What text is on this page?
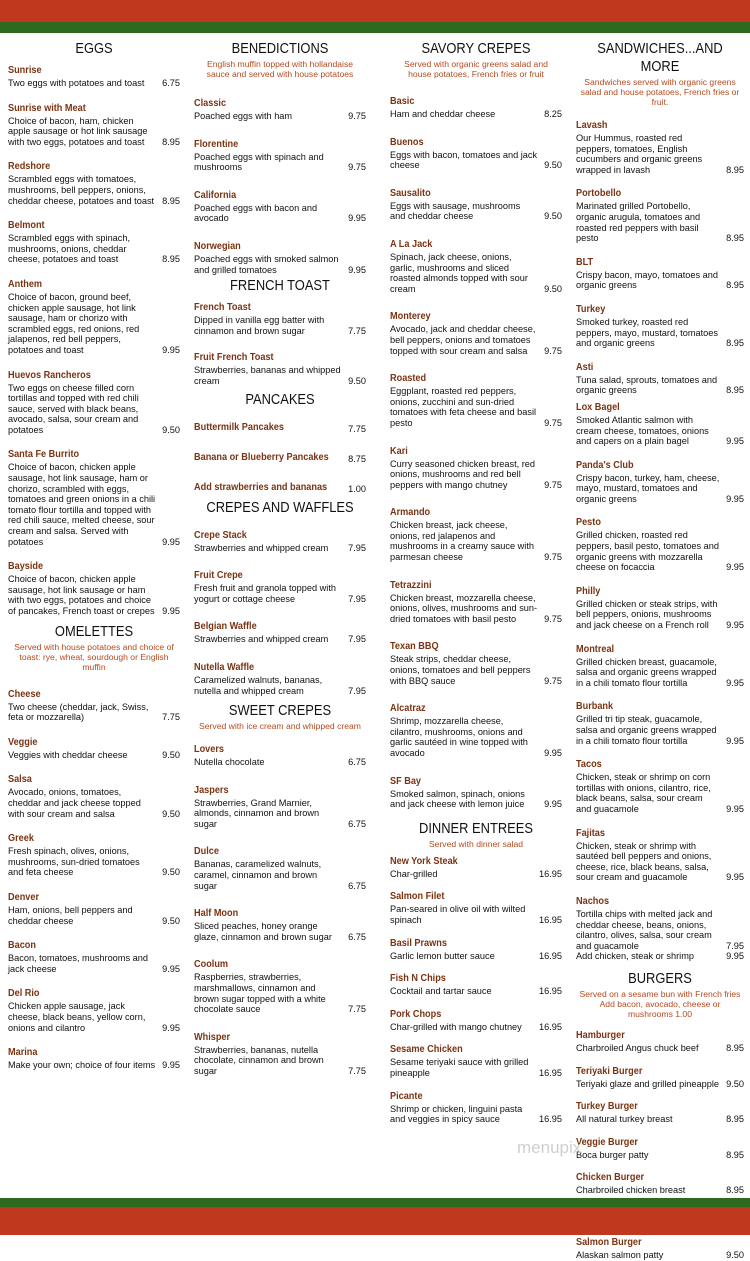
EGGS
Sunrise
Two eggs with potatoes and toast	6.75
Sunrise with Meat
Choice of bacon, ham, chicken apple sausage or hot link sausage with two eggs, potatoes and toast	8.95
Redshore
Scrambled eggs with tomatoes, mushrooms, bell peppers, onions, cheddar cheese, potatoes and toast 8.95
Belmont
Scrambled eggs with spinach, mushrooms, onions, cheddar cheese, potatoes and toast	8.95
Anthem
Choice of bacon, ground beef, chicken apple sausage, hot link sausage, ham or chorizo with scrambled eggs, red onions, red jalapenos, red bell peppers, potatoes and toast	9.95
Huevos Rancheros
Two eggs on cheese filled corn tortillas and topped with red chili sauce, served with black beans, avocado, salsa, sour cream and potatoes	9.50
Santa Fe Burrito
Choice of bacon, chicken apple sausage, hot link sausage, ham or chorizo, scrambled with eggs, tomatoes and green onions in a chili tomato flour tortilla and topped with red chili sauce, melted cheese, sour cream and salsa. Served with potatoes	9.95
Bayside
Choice of bacon, chicken apple sausage, hot link sausage or ham with two eggs, potatoes and choice of pancakes, French toast or crepes 9.95
OMELETTES
Served with house potatoes and choice of toast: rye, wheat, sourdough or English muffin
Cheese
Two cheese (cheddar, jack, Swiss, feta or mozzarella)	7.75
Veggie
Veggies with cheddar cheese	9.50
Salsa
Avocado, onions, tomatoes, cheddar and jack cheese topped with sour cream and salsa	9.50
Greek
Fresh spinach, olives, onions, mushrooms, sun-dried tomatoes and feta cheese	9.50
Denver
Ham, onions, bell peppers and cheddar cheese	9.50
Bacon
Bacon, tomatoes, mushrooms and jack cheese	9.95
Del Rio
Chicken apple sausage, jack cheese, black beans, yellow corn, onions and cilantro	9.95
Marina
Make your own; choice of four items 9.95
BENEDICTIONS
English muffin topped with hollandaise sauce and served with house potatoes
Classic
Poached eggs with ham	9.75
Florentine
Poached eggs with spinach and mushrooms	9.75
California
Poached eggs with bacon and avocado	9.95
Norwegian
Poached eggs with smoked salmon and grilled tomatoes	9.95
FRENCH TOAST
French Toast
Dipped in vanilla egg batter with cinnamon and brown sugar	7.75
Fruit French Toast
Strawberries, bananas and whipped cream	9.50
PANCAKES
Buttermilk Pancakes	7.75
Banana or Blueberry Pancakes 8.75
Add strawberries and bananas 1.00
CREPES AND WAFFLES
Crepe Stack
Strawberries and whipped cream	7.95
Fruit Crepe
Fresh fruit and granola topped with yogurt or cottage cheese	7.95
Belgian Waffle
Strawberries and whipped cream	7.95
Nutella Waffle
Caramelized walnuts, bananas, nutella and whipped cream	7.95
SWEET CREPES
Served with ice cream and whipped cream
Lovers
Nutella chocolate	6.75
Jaspers
Strawberries, Grand Marnier, almonds, cinnamon and brown sugar	6.75
Dulce
Bananas, caramelized walnuts, caramel, cinnamon and brown sugar	6.75
Half Moon
Sliced peaches, honey orange glaze, cinnamon and brown sugar	6.75
Coolum
Raspberries, strawberries, marshmallows, cinnamon and brown sugar topped with a white chocolate sauce	7.75
Whisper
Strawberries, bananas, nutella chocolate, cinnamon and brown sugar	7.75
SAVORY CREPES
Served with organic greens salad and house potatoes, French fries or fruit
Basic
Ham and cheddar cheese	8.25
Buenos
Eggs with bacon, tomatoes and jack cheese	9.50
Sausalito
Eggs with sausage, mushrooms and cheddar cheese	9.50
A La Jack
Spinach, jack cheese, onions, garlic, mushrooms and sliced roasted almonds topped with sour cream	9.50
Monterey
Avocado, jack and cheddar cheese, bell peppers, onions and tomatoes topped with sour cream and salsa	9.75
Roasted
Eggplant, roasted red peppers, onions, zucchini and sun-dried tomatoes with feta cheese and basil pesto	9.75
Kari
Curry seasoned chicken breast, red onions, mushrooms and red bell peppers with mango chutney	9.75
Armando
Chicken breast, jack cheese, onions, red jalapenos and mushrooms in a creamy sauce with parmesan cheese	9.75
Tetrazzini
Chicken breast, mozzarella cheese, onions, olives, mushrooms and sun-dried tomatoes with basil pesto	9.75
Texan BBQ
Steak strips, cheddar cheese, onions, tomatoes and bell peppers with BBQ sauce	9.75
Alcatraz
Shrimp, mozzarella cheese, cilantro, mushrooms, onions and garlic sautéed in wine topped with avocado	9.95
SF Bay
Smoked salmon, spinach, onions and jack cheese with lemon juice	9.95
DINNER ENTREES
Served with dinner salad
New York Steak
Char-grilled	16.95
Salmon Filet
Pan-seared in olive oil with wilted spinach	16.95
Basil Prawns
Garlic lemon butter sauce	16.95
Fish N Chips
Cocktail and tartar sauce	16.95
Pork Chops
Char-grilled with mango chutney	16.95
Sesame Chicken
Sesame teriyaki sauce with grilled pineapple	16.95
Picante
Shrimp or chicken, linguini pasta and veggies in spicy sauce	16.95
SANDWICHES...AND MORE
Sandwiches served with organic greens salad and house potatoes, French fries or fruit.
Lavash
Our Hummus, roasted red peppers, tomatoes, English cucumbers and organic greens wrapped in lavash	8.95
Portobello
Marinated grilled Portobello, organic arugula, tomatoes and roasted red peppers with basil pesto	8.95
BLT
Crispy bacon, mayo, tomatoes and organic greens	8.95
Turkey
Smoked turkey, roasted red peppers, mayo, mustard, tomatoes and organic greens	8.95
Asti
Tuna salad, sprouts, tomatoes and organic greens	8.95
Lox Bagel
Smoked Atlantic salmon with cream cheese, tomatoes, onions and capers on a plain bagel	9.95
Panda's Club
Crispy bacon, turkey, ham, cheese, mayo, mustard, tomatoes and organic greens	9.95
Pesto
Grilled chicken, roasted red peppers, basil pesto, tomatoes and organic greens with mozzarella cheese on focaccia	9.95
Philly
Grilled chicken or steak strips, with bell peppers, onions, mushrooms and jack cheese on a French roll	9.95
Montreal
Grilled chicken breast, guacamole, salsa and organic greens wrapped in a chili tomato flour tortilla	9.95
Burbank
Grilled tri tip steak, guacamole, salsa and organic greens wrapped in a chili tomato flour tortilla	9.95
Tacos
Chicken, steak or shrimp on corn tortillas with onions, cilantro, rice, black beans, salsa, sour cream and guacamole	9.95
Fajitas
Chicken, steak or shrimp with sautéed bell peppers and onions, cheese, rice, black beans, salsa, sour cream and guacamole	9.95
Nachos
Tortilla chips with melted jack and cheddar cheese, beans, onions, cilantro, olives, salsa, sour cream and guacamole	7.95
Add chicken, steak or shrimp	9.95
BURGERS
Served on a sesame bun with French fries Add bacon, avocado, cheese or mushrooms 1.00
Hamburger
Charbroiled Angus chuck beef	8.95
Teriyaki Burger
Teriyaki glaze and grilled pineapple 9.50
Turkey Burger
All natural turkey breast	8.95
Veggie Burger
Boca burger patty	8.95
Chicken Burger
Charbroiled chicken breast	8.95
Salmon Burger
Alaskan salmon patty	9.50
menupix
